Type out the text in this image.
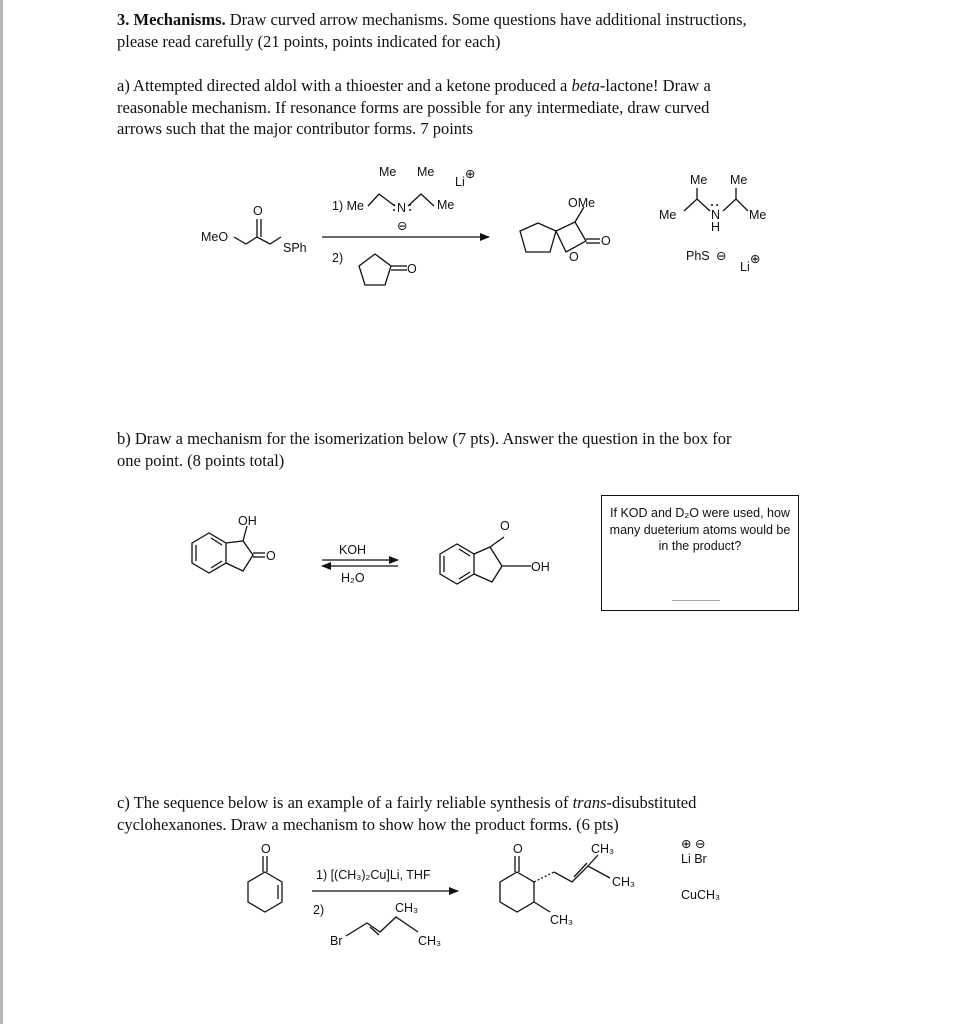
3. Mechanisms. Draw curved arrow mechanisms. Some questions have additional instructions,
please read carefully (21 points, points indicated for each)

a) Attempted directed aldol with a thioester and a ketone produced a beta-lactone! Draw a
reasonable mechanism. If resonance forms are possible for any intermediate, draw curved
arrows such that the major contributor forms. 7 points

b) Draw a mechanism for the isomerization below (7 pts). Answer the question in the box for
one point. (8 points total)

c) The sequence below is an example of a fairly reliable synthesis of trans-disubstituted
cyclohexanones. Draw a mechanism to show how the product forms. (6 pts)

If KOD and D₂O were used, how many dueterium atoms would be in the product?
O
MeO
SPh
1) Me
Me Me
N Me
⊖
Li
⊕
2)
O
OMe
O
O
Me Me
Me	Me
N
H
PhS ⊖
Li
⊕
OH
O	KOH
H₂O
O
OH
O
1) [(CH₃)₂Cu]Li, THF
2)	CH₃
Br	CH₃
O	CH₃
CH₃
CH₃
⊕ ⊖
Li Br
CuCH₃
